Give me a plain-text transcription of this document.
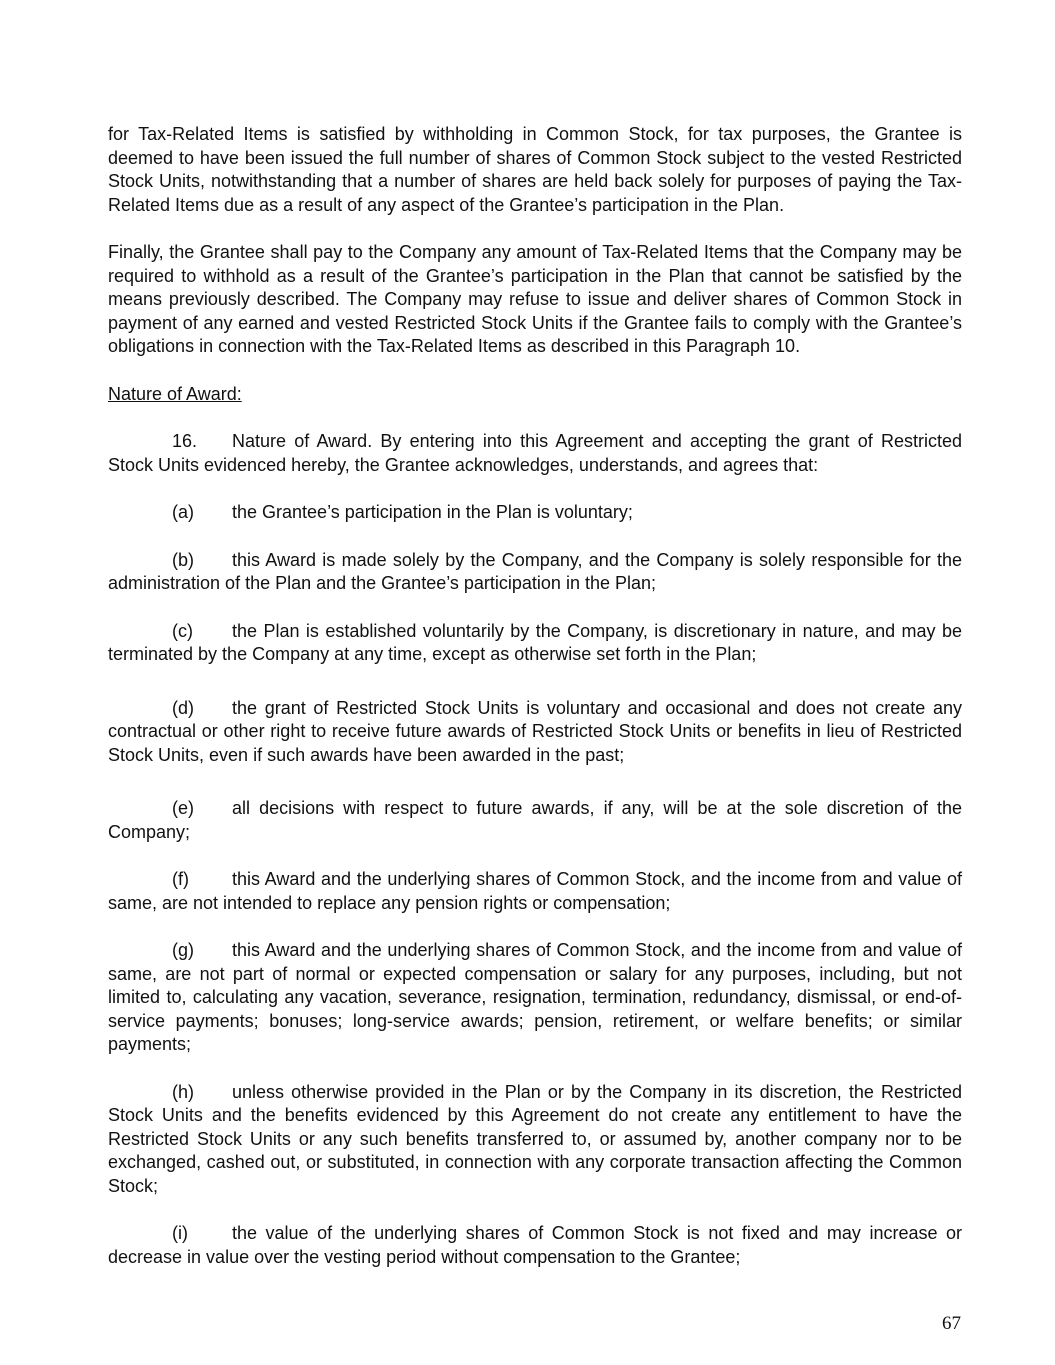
for Tax-Related Items is satisfied by withholding in Common Stock, for tax purposes, the Grantee is deemed to have been issued the full number of shares of Common Stock subject to the vested Restricted Stock Units, notwithstanding that a number of shares are held back solely for purposes of paying the Tax-Related Items due as a result of any aspect of the Grantee’s participation in the Plan.

Finally, the Grantee shall pay to the Company any amount of Tax-Related Items that the Company may be required to withhold as a result of the Grantee’s participation in the Plan that cannot be satisfied by the means previously described. The Company may refuse to issue and deliver shares of Common Stock in payment of any earned and vested Restricted Stock Units if the Grantee fails to comply with the Grantee’s obligations in connection with the Tax-Related Items as described in this Paragraph 10.

Nature of Award:

16. Nature of Award. By entering into this Agreement and accepting the grant of Restricted Stock Units evidenced hereby, the Grantee acknowledges, understands, and agrees that:

(a) the Grantee’s participation in the Plan is voluntary;

(b) this Award is made solely by the Company, and the Company is solely responsible for the administration of the Plan and the Grantee’s participation in the Plan;

(c) the Plan is established voluntarily by the Company, is discretionary in nature, and may be terminated by the Company at any time, except as otherwise set forth in the Plan;

(d) the grant of Restricted Stock Units is voluntary and occasional and does not create any contractual or other right to receive future awards of Restricted Stock Units or benefits in lieu of Restricted Stock Units, even if such awards have been awarded in the past;

(e) all decisions with respect to future awards, if any, will be at the sole discretion of the Company;

(f) this Award and the underlying shares of Common Stock, and the income from and value of same, are not intended to replace any pension rights or compensation;

(g) this Award and the underlying shares of Common Stock, and the income from and value of same, are not part of normal or expected compensation or salary for any purposes, including, but not limited to, calculating any vacation, severance, resignation, termination, redundancy, dismissal, or end-of-service payments; bonuses; long-service awards; pension, retirement, or welfare benefits; or similar payments;

(h) unless otherwise provided in the Plan or by the Company in its discretion, the Restricted Stock Units and the benefits evidenced by this Agreement do not create any entitlement to have the Restricted Stock Units or any such benefits transferred to, or assumed by, another company nor to be exchanged, cashed out, or substituted, in connection with any corporate transaction affecting the Common Stock;

(i) the value of the underlying shares of Common Stock is not fixed and may increase or decrease in value over the vesting period without compensation to the Grantee;

67
